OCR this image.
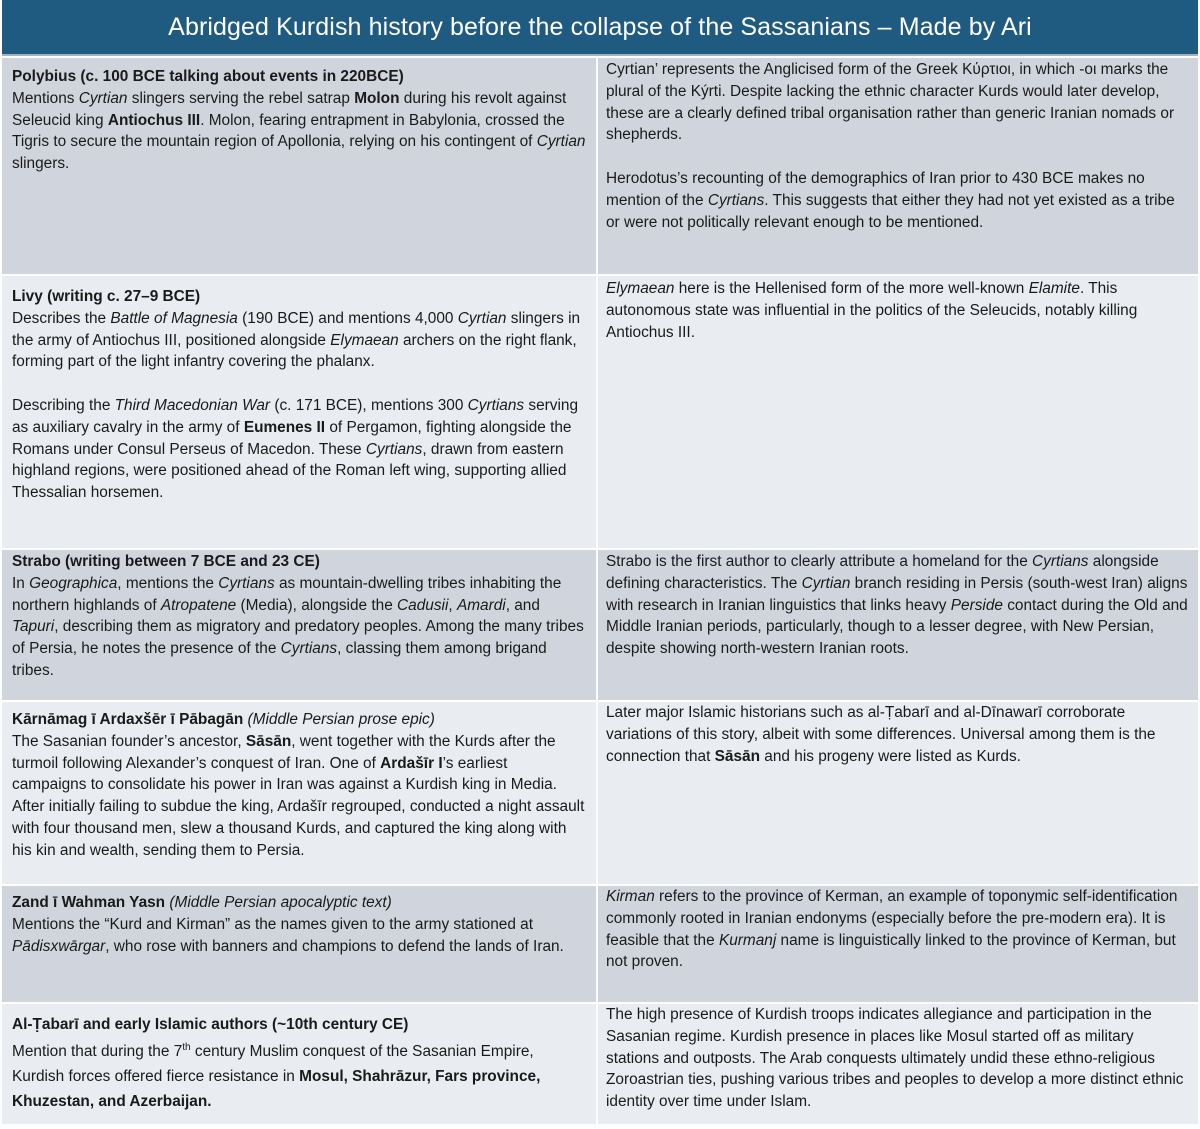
Abridged Kurdish history before the collapse of the Sassanians – Made by Ari
Polybius (c. 100 BCE talking about events in 220BCE)

Mentions Cyrtian slingers serving the rebel satrap Molon during his revolt against Seleucid king Antiochus III. Molon, fearing entrapment in Babylonia, crossed the Tigris to secure the mountain region of Apollonia, relying on his contingent of Cyrtian slingers.

Cyrtian’ represents the Anglicised form of the Greek Κύρτιοι, in which -οι marks the plural of the Kýrti. Despite lacking the ethnic character Kurds would later develop, these are a clearly defined tribal organisation rather than generic Iranian nomads or shepherds.

Herodotus’s recounting of the demographics of Iran prior to 430 BCE makes no mention of the Cyrtians. This suggests that either they had not yet existed as a tribe or were not politically relevant enough to be mentioned.

Livy (writing c. 27–9 BCE)

Describes the Battle of Magnesia (190 BCE) and mentions 4,000 Cyrtian slingers in the army of Antiochus III, positioned alongside Elymaean archers on the right flank, forming part of the light infantry covering the phalanx.

Describing the Third Macedonian War (c. 171 BCE), mentions 300 Cyrtians serving as auxiliary cavalry in the army of Eumenes II of Pergamon, fighting alongside the Romans under Consul Perseus of Macedon. These Cyrtians, drawn from eastern highland regions, were positioned ahead of the Roman left wing, supporting allied Thessalian horsemen.

Elymaean here is the Hellenised form of the more well-known Elamite. This autonomous state was influential in the politics of the Seleucids, notably killing Antiochus III.

Strabo (writing between 7 BCE and 23 CE)

In Geographica, mentions the Cyrtians as mountain-dwelling tribes inhabiting the northern highlands of Atropatene (Media), alongside the Cadusii, Amardi, and Tapuri, describing them as migratory and predatory peoples. Among the many tribes of Persia, he notes the presence of the Cyrtians, classing them among brigand tribes.

Strabo is the first author to clearly attribute a homeland for the Cyrtians alongside defining characteristics. The Cyrtian branch residing in Persis (south-west Iran) aligns with research in Iranian linguistics that links heavy Perside contact during the Old and Middle Iranian periods, particularly, though to a lesser degree, with New Persian, despite showing north-western Iranian roots.

Kārnāmag ī Ardaxšēr ī Pābagān (Middle Persian prose epic)

The Sasanian founder’s ancestor, Sāsān, went together with the Kurds after the turmoil following Alexander’s conquest of Iran. One of Ardašīr I’s earliest campaigns to consolidate his power in Iran was against a Kurdish king in Media. After initially failing to subdue the king, Ardašīr regrouped, conducted a night assault with four thousand men, slew a thousand Kurds, and captured the king along with his kin and wealth, sending them to Persia.

Later major Islamic historians such as al-Ṭabarī and al-Dīnawarī corroborate variations of this story, albeit with some differences. Universal among them is the connection that Sāsān and his progeny were listed as Kurds.

Zand ī Wahman Yasn (Middle Persian apocalyptic text)

Mentions the “Kurd and Kirman” as the names given to the army stationed at Pādisxwārgar, who rose with banners and champions to defend the lands of Iran.

Kirman refers to the province of Kerman, an example of toponymic self-identification commonly rooted in Iranian endonyms (especially before the pre-modern era). It is feasible that the Kurmanj name is linguistically linked to the province of Kerman, but not proven.

Al-Ṭabarī and early Islamic authors (~10th century CE)

Mention that during the 7th century Muslim conquest of the Sasanian Empire, Kurdish forces offered fierce resistance in Mosul, Shahrāzur, Fars province, Khuzestan, and Azerbaijan.

The high presence of Kurdish troops indicates allegiance and participation in the Sasanian regime. Kurdish presence in places like Mosul started off as military stations and outposts. The Arab conquests ultimately undid these ethno-religious Zoroastrian ties, pushing various tribes and peoples to develop a more distinct ethnic identity over time under Islam.
